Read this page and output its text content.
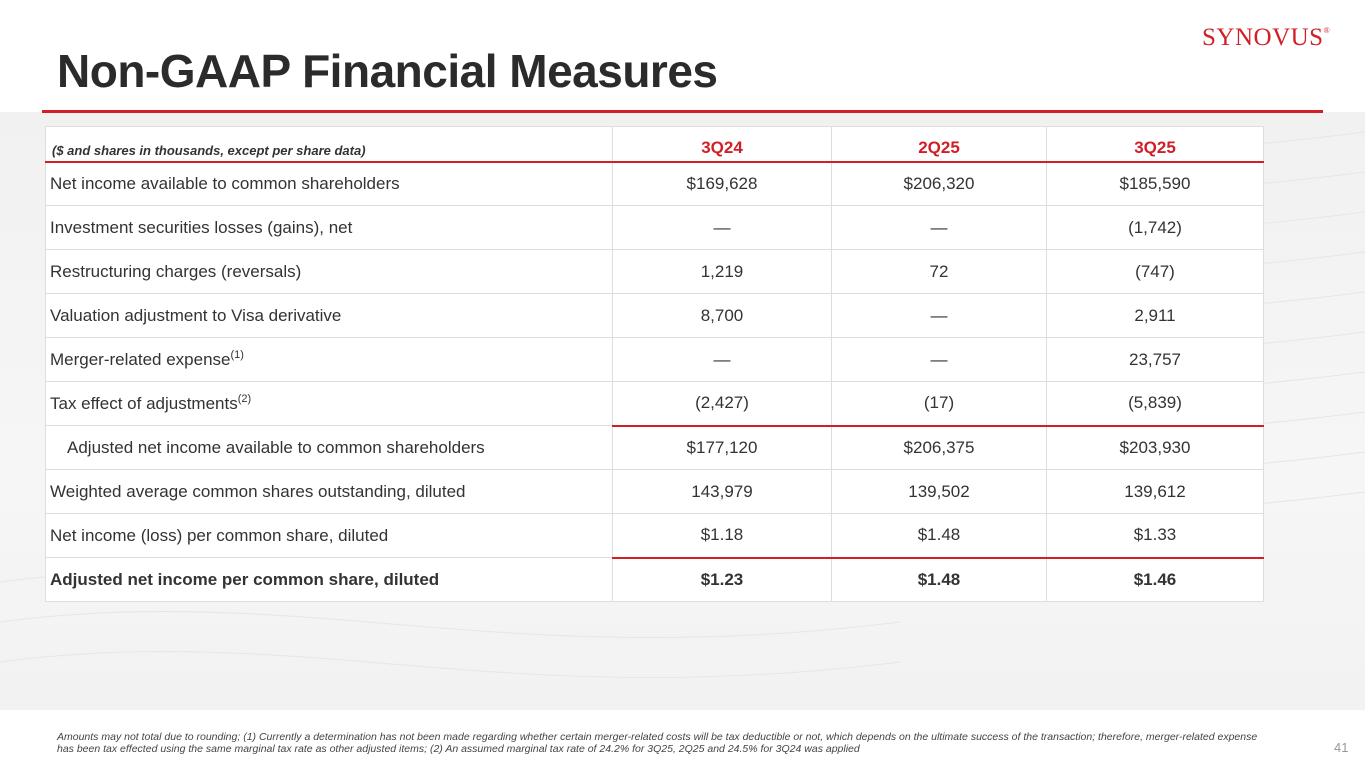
Non-GAAP Financial Measures
SYNOVUS®
($ and shares in thousands, except per share data)	3Q24	2Q25	3Q25
Net income available to common shareholders	$169,628	$206,320	$185,590
Investment securities losses (gains), net	—	—	(1,742)
Restructuring charges (reversals)	1,219	72	(747)
Valuation adjustment to Visa derivative	8,700	—	2,911
Merger-related expense$^{(1)}$	—	—	23,757
Tax effect of adjustments$^{(2)}$	(2,427)	(17)	(5,839)
Adjusted net income available to common shareholders	$177,120	$206,375	$203,930
Weighted average common shares outstanding, diluted	143,979	139,502	139,612
Net income (loss) per common share, diluted	$1.18	$1.48	$1.33
Adjusted net income per common share, diluted	$1.23	$1.48	$1.46
Amounts may not total due to rounding; (1) Currently a determination has not been made regarding whether certain merger-related costs will be tax deductible or not, which depends on the ultimate success of the transaction; therefore, merger-related expense has been tax effected using the same marginal tax rate as other adjusted items; (2) An assumed marginal tax rate of 24.2% for 3Q25, 2Q25 and 24.5% for 3Q24 was applied	41
